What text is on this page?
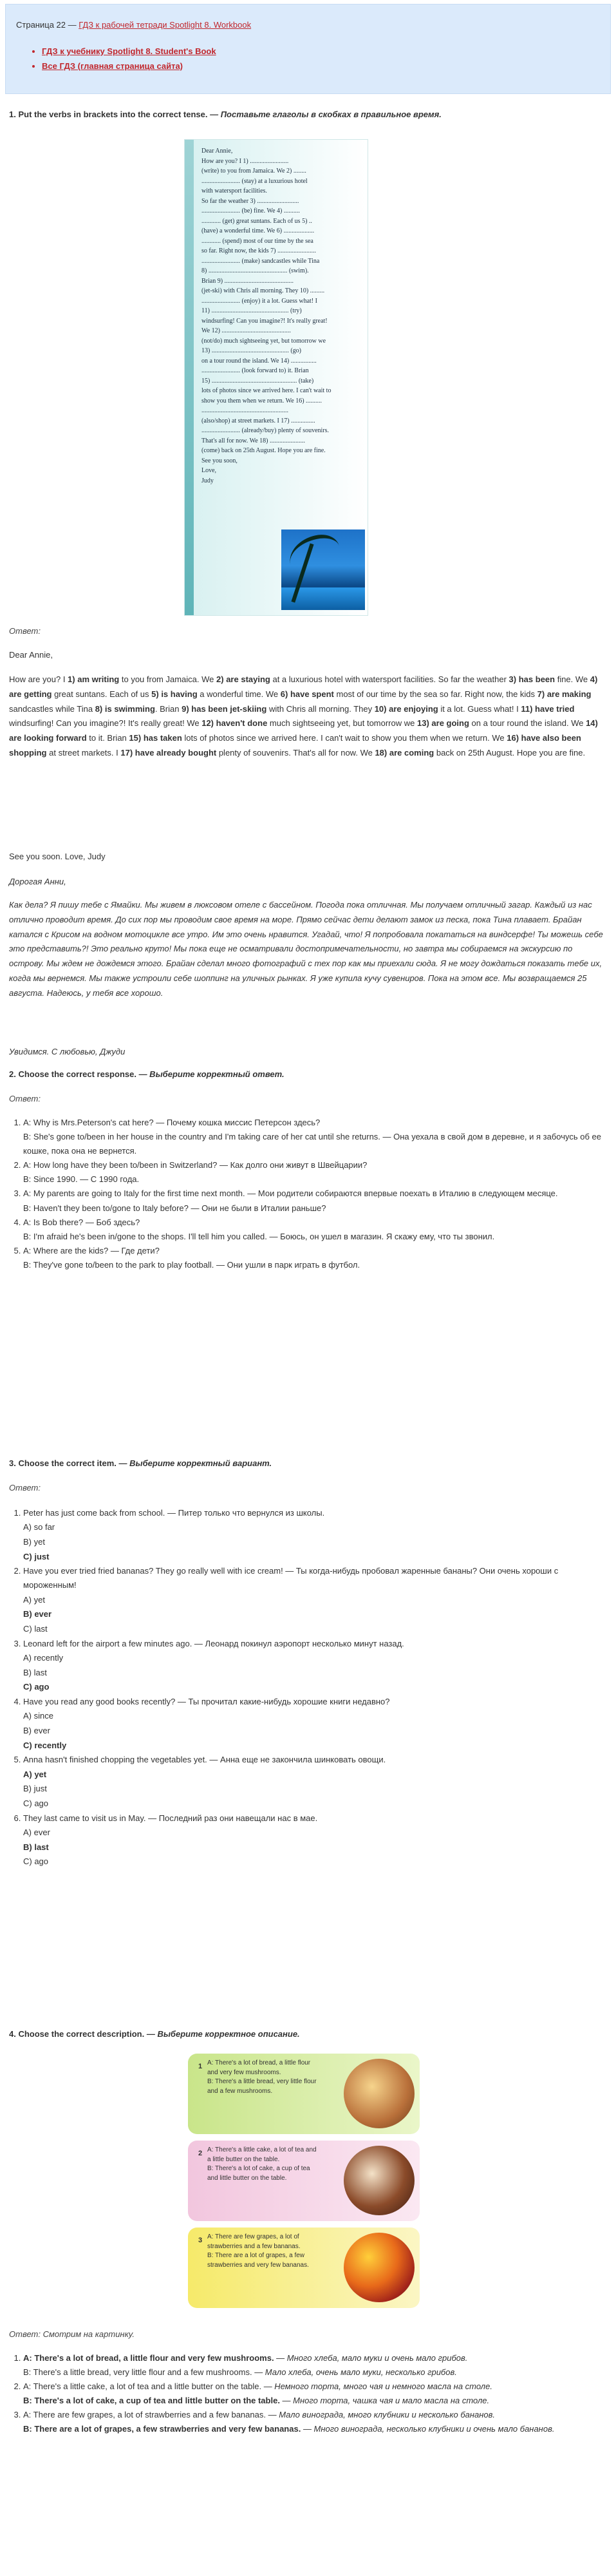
Страница 22 — ГДЗ к рабочей тетради Spotlight 8. Workbook
• ГДЗ к учебнику Spotlight 8. Student's Book
• Все ГДЗ (главная страница сайта)
1. Put the verbs in brackets into the correct tense. — Поставьте глаголы в скобках в правильное время.
Dear Annie,
How are you? I 1) ........................
(write) to you from Jamaica. We 2) ........
........................ (stay) at a luxurious hotel
with watersport facilities.
So far the weather 3) ..........................
........................ (be) fine. We 4) ..........
............ (get) great suntans. Each of us 5) ..
(have) a wonderful time. We 6) ...................
............ (spend) most of our time by the sea
so far. Right now, the kids 7) ........................
........................ (make) sandcastles while Tina
8) ................................................. (swim).
Brian 9) ...........................................
(jet-ski) with Chris all morning. They 10) .........
........................ (enjoy) it a lot. Guess what! I
11) ................................................ (try)
windsurfing! Can you imagine?! It's really great!
We 12) ...........................................
(not/do) much sightseeing yet, but tomorrow we
13) ................................................ (go)
on a tour round the island. We 14) ................
........................ (look forward to) it. Brian
15) ..................................................... (take)
lots of photos since we arrived here. I can't wait to
show you them when we return. We 16) ..........
......................................................
(also/shop) at street markets. I 17) ...............
........................ (already/buy) plenty of souvenirs.
That's all for now. We 18) ......................
(come) back on 25th August. Hope you are fine.
See you soon,
Love,
Judy
Ответ:
Dear Annie,
How are you? I 1) am writing to you from Jamaica. We 2) are staying at a luxurious hotel with watersport facilities. So far the weather 3) has been fine. We 4) are getting great suntans. Each of us 5) is having a wonderful time. We 6) have spent most of our time by the sea so far. Right now, the kids 7) are making sandcastles while Tina 8) is swimming. Brian 9) has been jet-skiing with Chris all morning. They 10) are enjoying it a lot. Guess what! I 11) have tried windsurfing! Can you imagine?! It's really great! We 12) haven't done much sightseeing yet, but tomorrow we 13) are going on a tour round the island. We 14) are looking forward to it. Brian 15) has taken lots of photos since we arrived here. I can't wait to show you them when we return. We 16) have also been shopping at street markets. I 17) have already bought plenty of souvenirs. That's all for now. We 18) are coming back on 25th August. Hope you are fine.
See you soon. Love, Judy
Дорогая Анни,
Как дела? Я пишу тебе с Ямайки. Мы живем в люксовом отеле с бассейном. Погода пока отличная. Мы получаем отличный загар. Каждый из нас отлично проводит время. До сих пор мы проводим свое время на море. Прямо сейчас дети делают замок из песка, пока Тина плавает. Брайан катался с Крисом на водном мотоцикле все утро. Им это очень нравится. Угадай, что! Я попробовала покататься на виндсерфе! Ты можешь себе это представить?! Это реально круто! Мы пока еще не осматривали достопримечательности, но завтра мы собираемся на экскурсию по острову. Мы ждем не дождемся этого. Брайан сделал много фотографий с тех пор как мы приехали сюда. Я не могу дождаться показать тебе их, когда мы вернемся. Мы также устроили себе шоппинг на уличных рынках. Я уже купила кучу сувениров. Пока на этом все. Мы возвращаемся 25 августа. Надеюсь, у тебя все хорошо.
Увидимся. С любовью, Джуди
2. Choose the correct response. — Выберите корректный ответ.
Ответ:
1. A: Why is Mrs.Peterson's cat here? — Почему кошка миссис Петерсон здесь?
B: She's gone to/been in her house in the country and I'm taking care of her cat until she returns. — Она уехала в свой дом в деревне, и я забочусь об ее кошке, пока она не вернется.
2. A: How long have they been to/been in Switzerland? — Как долго они живут в Швейцарии?
B: Since 1990. — С 1990 года.
3. A: My parents are going to Italy for the first time next month. — Мои родители собираются впервые поехать в Италию в следующем месяце.
B: Haven't they been to/gone to Italy before? — Они не были в Италии раньше?
4. A: Is Bob there? — Боб здесь?
B: I'm afraid he's been in/gone to the shops. I'll tell him you called. — Боюсь, он ушел в магазин. Я скажу ему, что ты звонил.
5. A: Where are the kids? — Где дети?
B: They've gone to/been to the park to play football. — Они ушли в парк играть в футбол.
3. Choose the correct item. — Выберите корректный вариант.
Ответ:
1. Peter has just come back from school. — Питер только что вернулся из школы.
A) so far
B) yet
C) just
2. Have you ever tried fried bananas? They go really well with ice cream! — Ты когда-нибудь пробовал жаренные бананы? Они очень хороши с мороженным!
A) yet
B) ever
C) last
3. Leonard left for the airport a few minutes ago. — Леонард покинул аэропорт несколько минут назад.
A) recently
B) last
C) ago
4. Have you read any good books recently? — Ты прочитал какие-нибудь хорошие книги недавно?
A) since
B) ever
C) recently
5. Anna hasn't finished chopping the vegetables yet. — Анна еще не закончила шинковать овощи.
A) yet
B) just
C) ago
6. They last came to visit us in May. — Последний раз они навещали нас в мае.
A) ever
B) last
C) ago
4. Choose the correct description. — Выберите корректное описание.
1 A: There's a lot of bread, a little flour and very few mushrooms.
B: There's a little bread, very little flour and a few mushrooms.
2 A: There's a little cake, a lot of tea and a little butter on the table.
B: There's a lot of cake, a cup of tea and little butter on the table.
3 A: There are few grapes, a lot of strawberries and a few bananas.
B: There are a lot of grapes, a few strawberries and very few bananas.
Ответ: Смотрим на картинку.
1. A: There's a lot of bread, a little flour and very few mushrooms. — Много хлеба, мало муки и очень мало грибов.
B: There's a little bread, very little flour and a few mushrooms. — Мало хлеба, очень мало муки, несколько грибов.
2. A: There's a little cake, a lot of tea and a little butter on the table. — Немного торта, много чая и немного масла на столе.
B: There's a lot of cake, a cup of tea and little butter on the table. — Много торта, чашка чая и мало масла на столе.
3. A: There are few grapes, a lot of strawberries and a few bananas. — Мало винограда, много клубники и несколько бананов.
B: There are a lot of grapes, a few strawberries and very few bananas. — Много винограда, несколько клубники и очень мало бананов.
